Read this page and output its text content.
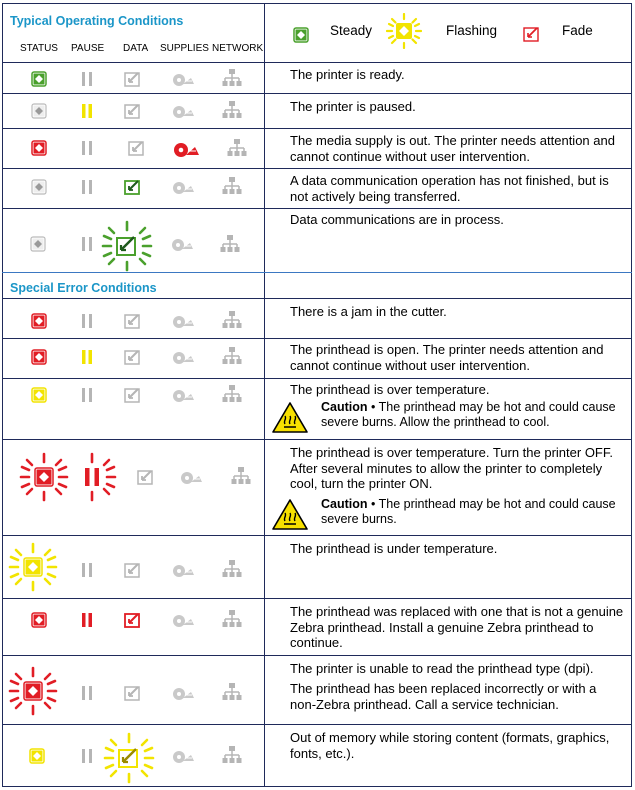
Typical Operating Conditions
STATUS PAUSE DATA SUPPLIES NETWORK
Steady	Flashing	Fade
Special Error Conditions
The printer is ready.
The printer is paused.
The media supply is out. The printer needs attention and cannot continue without user intervention.
A data communication operation has not finished, but is not actively being transferred.
Data communications are in process.
There is a jam in the cutter.
The printhead is open. The printer needs attention and cannot continue without user intervention.
The printhead is over temperature.
Caution • The printhead may be hot and could cause severe burns. Allow the printhead to cool.
The printhead is over temperature. Turn the printer OFF. After several minutes to allow the printer to completely cool, turn the printer ON.
Caution • The printhead may be hot and could cause severe burns.
The printhead is under temperature.
The printhead was replaced with one that is not a genuine Zebra printhead. Install a genuine Zebra printhead to continue.
The printer is unable to read the printhead type (dpi).
The printhead has been replaced incorrectly or with a non-Zebra printhead. Call a service technician.
Out of memory while storing content (formats, graphics, fonts, etc.).
